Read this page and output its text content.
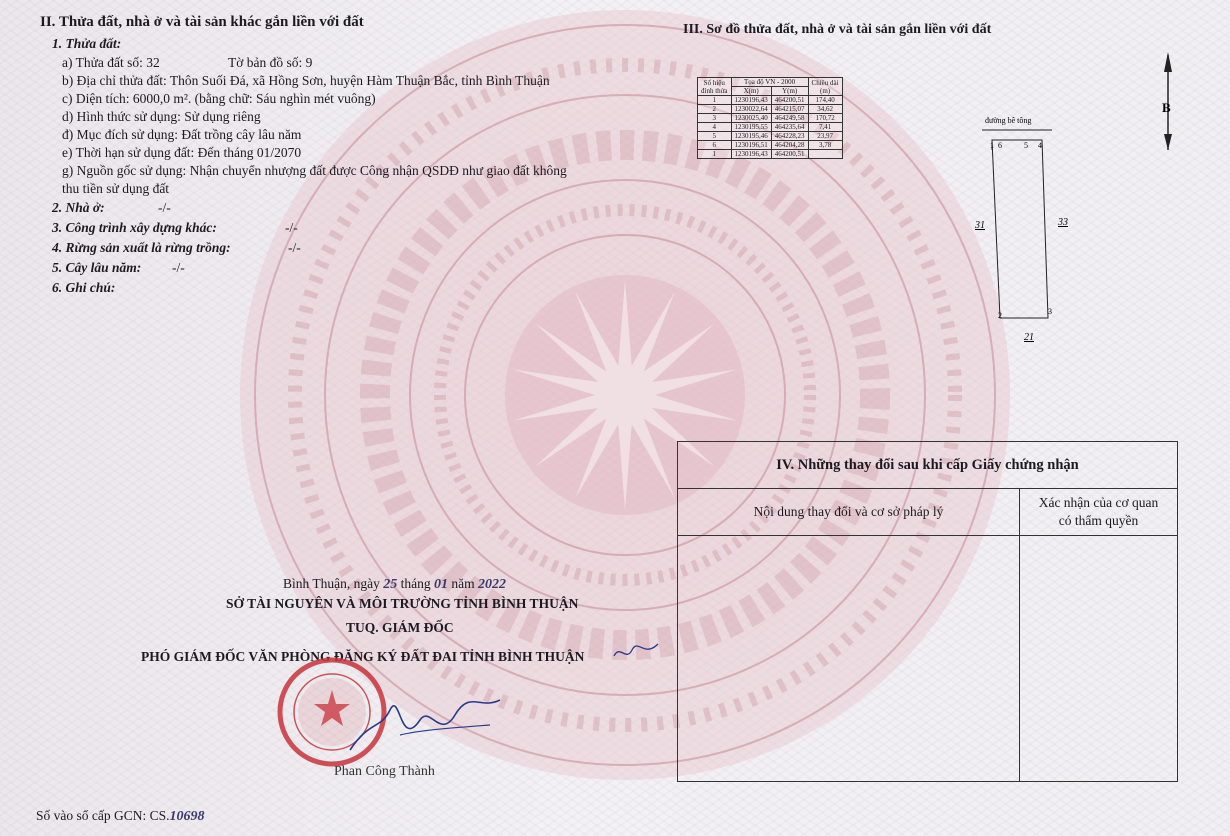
II. Thửa đất, nhà ở và tài sản khác gắn liền với đất
1. Thửa đất:
a) Thửa đất số: 32	Tờ bản đồ số: 9
b) Địa chỉ thửa đất: Thôn Suối Đá, xã Hồng Sơn, huyện Hàm Thuận Bắc, tỉnh Bình Thuận
c) Diện tích: 6000,0 m². (bằng chữ: Sáu nghìn mét vuông)
d) Hình thức sử dụng: Sử dụng riêng
đ) Mục đích sử dụng: Đất trồng cây lâu năm
e) Thời hạn sử dụng đất: Đến tháng 01/2070
g) Nguồn gốc sử dụng: Nhận chuyển nhượng đất được Công nhận QSDĐ như giao đất không
thu tiền sử dụng đất
2. Nhà ở:	-/-
3. Công trình xây dựng khác:	-/-
4. Rừng sản xuất là rừng trồng:	-/-
5. Cây lâu năm: -/-
6. Ghi chú:
III. Sơ đồ thửa đất, nhà ở và tài sản gắn liền với đất
Số hiệu
đỉnh thửa	Tọa độ VN - 2000		Chiều dài
(m)
	X(m)	Y(m)	
1	1230196,43	464200,51	174,40
2	1230022,64	464215,07	34,62
3	1230025,40	464249,58	170,72
4	1230195,55	464235,64	7,41
5	1230195,46	464228,23	23,97
6	1230196,51	464204,28	3,78
1	1230196,43	464200,51	
B
đường bê tông
1 6	5 4
2	3
31	33
21
IV. Những thay đổi sau khi cấp Giấy chứng nhận
Nội dung thay đổi và cơ sở pháp lý
Xác nhận của cơ quan
có thẩm quyền
Bình Thuận, ngày 25 tháng 01 năm 2022
SỞ TÀI NGUYÊN VÀ MÔI TRƯỜNG TỈNH BÌNH THUẬN
TUQ. GIÁM ĐỐC
PHÓ GIÁM ĐỐC VĂN PHÒNG ĐĂNG KÝ ĐẤT ĐAI TỈNH BÌNH THUẬN
Phan Công Thành
Số vào sổ cấp GCN: CS.10698
